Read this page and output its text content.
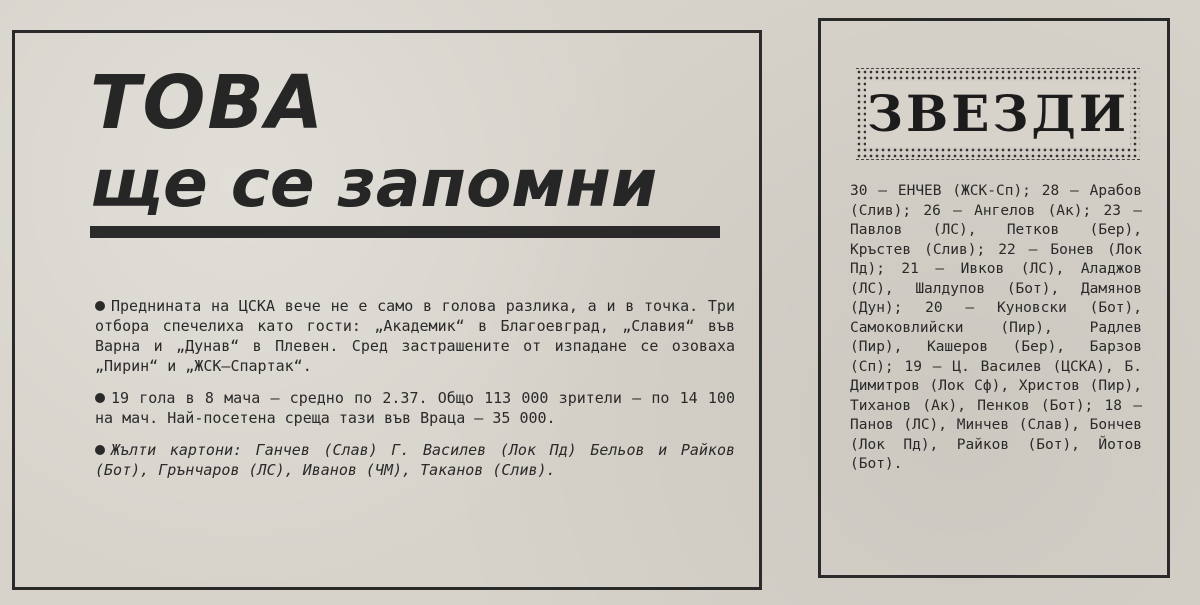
ТОВА
ще се запомни

Преднината на ЦСКА вече не е само в голова разлика, а и в точка. Три отбора спечелиха като гости: „Академик“ в Благоевград, „Славия“ във Варна и „Дунав“ в Плевен. Сред застрашените от изпадане се озоваха „Пирин“ и „ЖСК—Спартак“.

19 гола в 8 мача — средно по 2.37. Общо 113 000 зрители — по 14 100 на мач. Най-посетена среща тази във Враца — 35 000.

Жълти картони: Ганчев (Слав) Г. Василев (Лок Пд) Бельов и Райков (Бот), Грънчаров (ЛС), Иванов (ЧМ), Таканов (Слив).

ЗВЕЗДИ
30 — ЕНЧЕВ (ЖСК-Сп); 28 — Арабов (Слив); 26 — Ангелов (Ак); 23 — Павлов (ЛС), Петков (Бер), Кръстев (Слив); 22 — Бонев (Лок Пд); 21 — Ивков (ЛС), Аладжов (ЛС), Шалдупов (Бот), Дамянов (Дун); 20 — Куновски (Бот), Самоковлийски (Пир), Радлев (Пир), Кашеров (Бер), Барзов (Сп); 19 — Ц. Василев (ЦСКА), Б. Димитров (Лок Сф), Христов (Пир), Тиханов (Ак), Пенков (Бот); 18 — Панов (ЛС), Минчев (Слав), Бончев (Лок Пд), Райков (Бот), Йотов (Бот).
